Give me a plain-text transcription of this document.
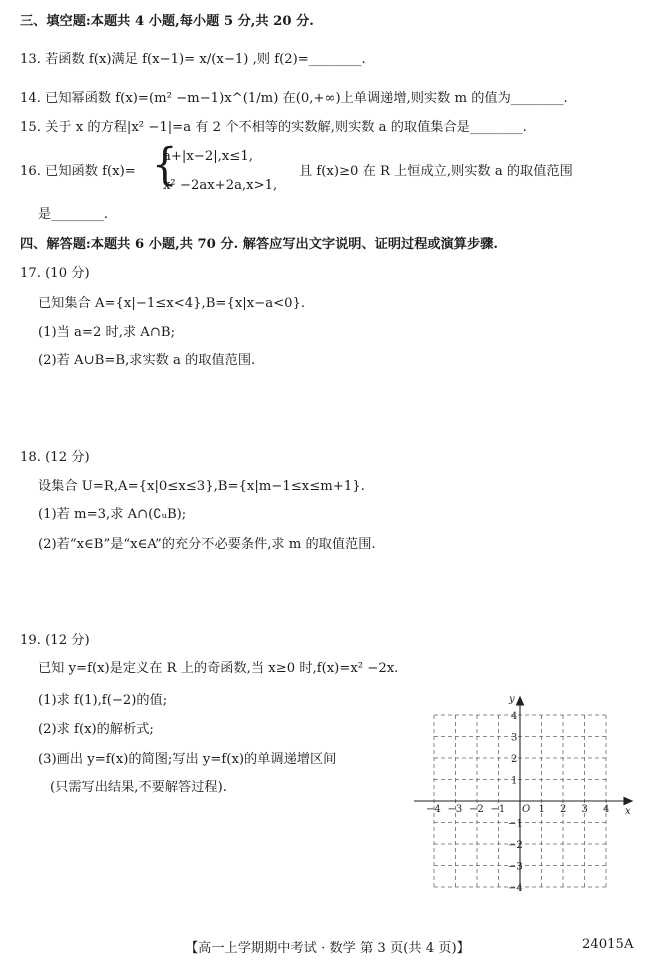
三、填空题:本题共 4 小题,每小题 5 分,共 20 分.
13. 若函数 f(x)满足 f(x−1)= x/(x−1) ,则 f(2)=________.
14. 已知幂函数 f(x)=(m² −m−1)x^(1/m) 在(0,+∞)上单调递增,则实数 m 的值为________.
15. 关于 x 的方程|x² −1|=a 有 2 个不相等的实数解,则实数 a 的取值集合是________.
16. 已知函数 f(x)= {
a+|x−2|,x≤1,
x² −2ax+2a,x>1,
且 f(x)≥0 在 R 上恒成立,则实数 a 的取值范围
是________.
四、解答题:本题共 6 小题,共 70 分. 解答应写出文字说明、证明过程或演算步骤.
17. (10 分)
已知集合 A={x|−1≤x<4},B={x|x−a<0}.
(1)当 a=2 时,求 A∩B;
(2)若 A∪B=B,求实数 a 的取值范围.
18. (12 分)
设集合 U=R,A={x|0≤x≤3},B={x|m−1≤x≤m+1}.
(1)若 m=3,求 A∩(∁ᵤB);
(2)若“x∈B”是“x∈A”的充分不必要条件,求 m 的取值范围.
19. (12 分)
已知 y=f(x)是定义在 R 上的奇函数,当 x≥0 时,f(x)=x² −2x.
(1)求 f(1),f(−2)的值;
(2)求 f(x)的解析式;
(3)画出 y=f(x)的简图;写出 y=f(x)的单调递增区间
(只需写出结果,不要解答过程).
x
y
O
−4 −3 −2 −1	1 2 3 4
4
3
2
1
−1
−2
−3
−4
【高一上学期期中考试 · 数学 第 3 页(共 4 页)】	24015A
